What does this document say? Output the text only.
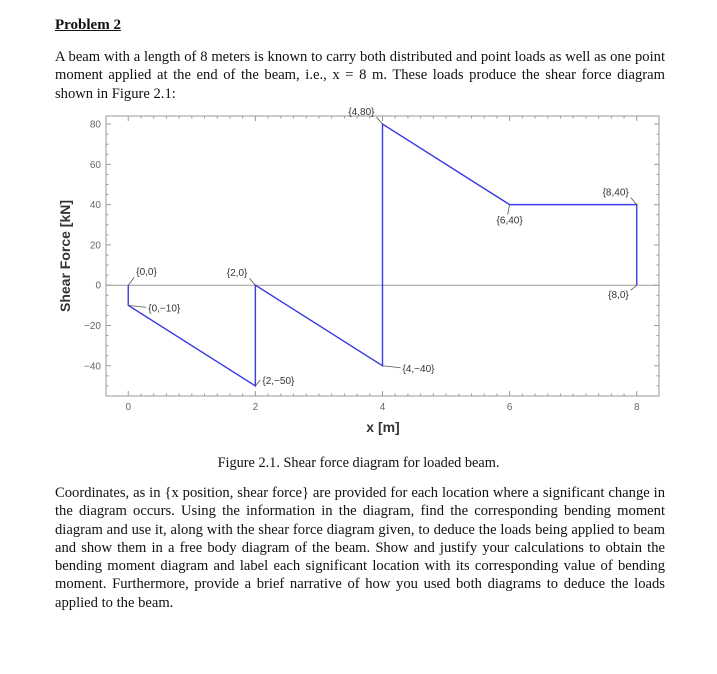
Problem 2

A beam with a length of 8 meters is known to carry both distributed and point loads as well as one point moment applied at the end of the beam, i.e., x = 8 m. These loads produce the shear force diagram shown in Figure 2.1:

0	2	4	6	8
80
60
40
20
0
−20
−40
{0,0}
{0,−10}
{2,0}
{2,−50}
{4,−40}
{4,80}
{6,40}
{8,40}
{8,0}
x [m]
Shear Force [kN]
Figure 2.1. Shear force diagram for loaded beam.

Coordinates, as in {x position, shear force} are provided for each location where a significant change in the diagram occurs. Using the information in the diagram, find the corresponding bending moment diagram and use it, along with the shear force diagram given, to deduce the loads being applied to beam and show them in a free body diagram of the beam. Show and justify your calculations to obtain the bending moment diagram and label each significant location with its corresponding value of bending moment. Furthermore, provide a brief narrative of how you used both diagrams to deduce the loads applied to the beam.
